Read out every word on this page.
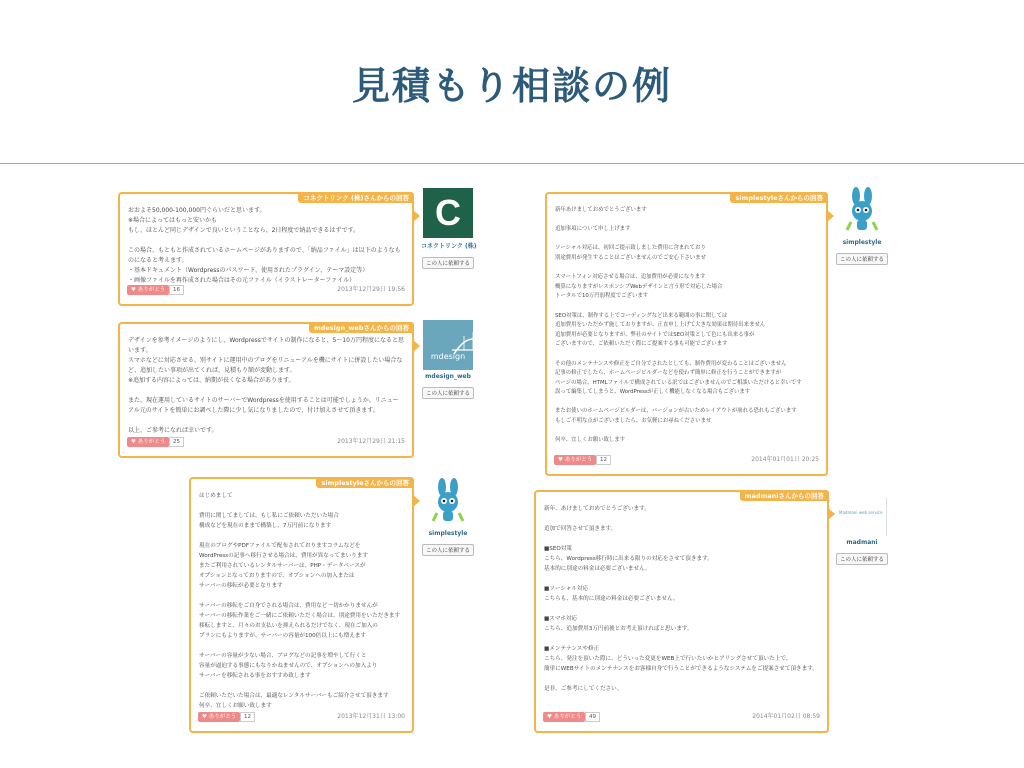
見積もり相談の例
コネクトリンク (株)さんからの回答
おおよそ50,000-100,000円ぐらいだと思います。
※場合によってはもっと安いかも
もし、ほとんど同じデザインで良いということなら、2日程度で納品できるはずです。

この場合、もともと作成されているホームページがありますので、「納品ファイル」は以下のようなものになると考えます。
・基本ドキュメント（Wordpressのパスワード、使用されたプラグイン、テーマ設定等）
・画像ファイルを再作成された場合はその元ファイル（イラストレーターファイル）
♥ ありがとう	16	2013年12月29日 19:56
C
コネクトリンク (株)
この人に依頼する
mdesign_webさんからの回答
デザインを参考イメージのようにし、Wordpressでサイトの制作になると、5〜10万円程度になると思います。
スマホなどに対応させる、別サイトに運用中のブログをリニューアルを機にサイトに併設したい場合など、追加したい事項が出てくれば、見積もり額が変動します。
※追加する内容によっては、納期が長くなる場合があります。

また、現在運用しているサイトのサーバーでWordpressを使用することは可能でしょうか。リニューアル元のサイトを簡単にお調べした際に少し気になりましたので、付け加えさせて頂きます。

以上、ご参考になれば幸いです。
♥ ありがとう	25	2013年12月29日 21:15
mdesign
mdesign_web
この人に依頼する
simplestyleさんからの回答
はじめまして

費用に関してましては、もし私にご依頼いただいた場合
構成などを現在のままで構築し、7万円前になります

現在のブログやPDFファイルで配布されておりますコラムなどを
WordPressの記事へ移行させる場合は、費用が異なってまいります
またご利用されているレンタルサーバーは、PHP・データベースが
オプションとなっておりますので、オプションへの加入または
サーバーの移転が必要となります

サーバーの移転をご自身でされる場合は、費用など一切かかりませんが
サーバーの移転作業をご一緒にご依頼いただく場合は、別途費用をいただきます
移転しますと、月々のお支払いを抑えられるだけでなく、現在ご加入の
プランにもよりますが、サーバーの容量が100倍以上にも増えます

サーバーの容量が少ない場合、ブログなどの記事を増やして行くと
容量が逼迫する事態にもなりかねませんので、オプションへの加入より
サーバーを移転される事をおすすめ致します

ご依頼いただいた場合は、最適なレンタルサーバーもご紹介させて頂きます
何卒、宜しくお願い致します
♥ ありがとう	12	2013年12月31日 13:00
simplestyle
この人に依頼する
simplestyleさんからの回答
新年あけましておめでとうございます

追加事項について申し上げます

ソーシャル対応は、初回ご提示致しました費用に含まれており
別途費用が発生することはございませんのでご安心下さいませ

スマートフォン対応させる場合は、追加費用が必要になります
概算になりますがレスポンシブWebデザインと言う形で対応した場合
トータルで10万円弱程度でございます

SEO対策は、制作する上でコーディングなど出来る範囲の事に関しては
追加費用をいただかず施しておりますが、正直申し上げて大きな効果は期待出来ません
追加費用が必要となりますが、弊社のサイトではSEO対策として色にも出来る事が
ございますので、ご依頼いただく際にご提案する事も可能でございます

その他のメンテナンスや修正をご自分でされたとしても、制作費用が変わることはございません
記事の修正でしたら、ホームページビルダーなどを使わず簡単に修正を行うことができますが
ページの場合、HTMLファイルで構成されている訳ではございませんのでご相談いただけると幸いです
誤って編集してしまうと、WordPressが正しく機能しなくなる場合もございます

またお使いのホームページビルダーは、バージョンが古いためレイアウトが崩れる恐れもございます
もしご不明な点がございましたら、お気軽にお尋ねくださいませ

何卒、宜しくお願い致します
♥ ありがとう	12	2014年01月01日 20:25
simplestyle
この人に依頼する
madmaniさんからの回答
新年、あけましておめでとうございます。

追加で回答させて頂きます。

■SEO対策
こちら、Wordpress移行時に出来る限りの対応をさせて頂きます。
基本的に別途の料金は必要ございません。

■ソーシャル対応
こちらも、基本的に別途の料金は必要ございません。

■スマホ対応
こちら、追加費用3万円前後とお考え頂ければと思います。

■メンテナンスや修正
こちら、発注を頂いた際に、どういった変更をWEB上で行いたいかヒアリングさせて頂いた上で、
簡単にWEBサイトのメンテナンスをお客様自身で行うことができるようなシステムをご提案させて頂きます。

是非、ご参考にしてください。
♥ ありがとう	49	2014年01月02日 08:59
Madmani web service
madmani
この人に依頼する
